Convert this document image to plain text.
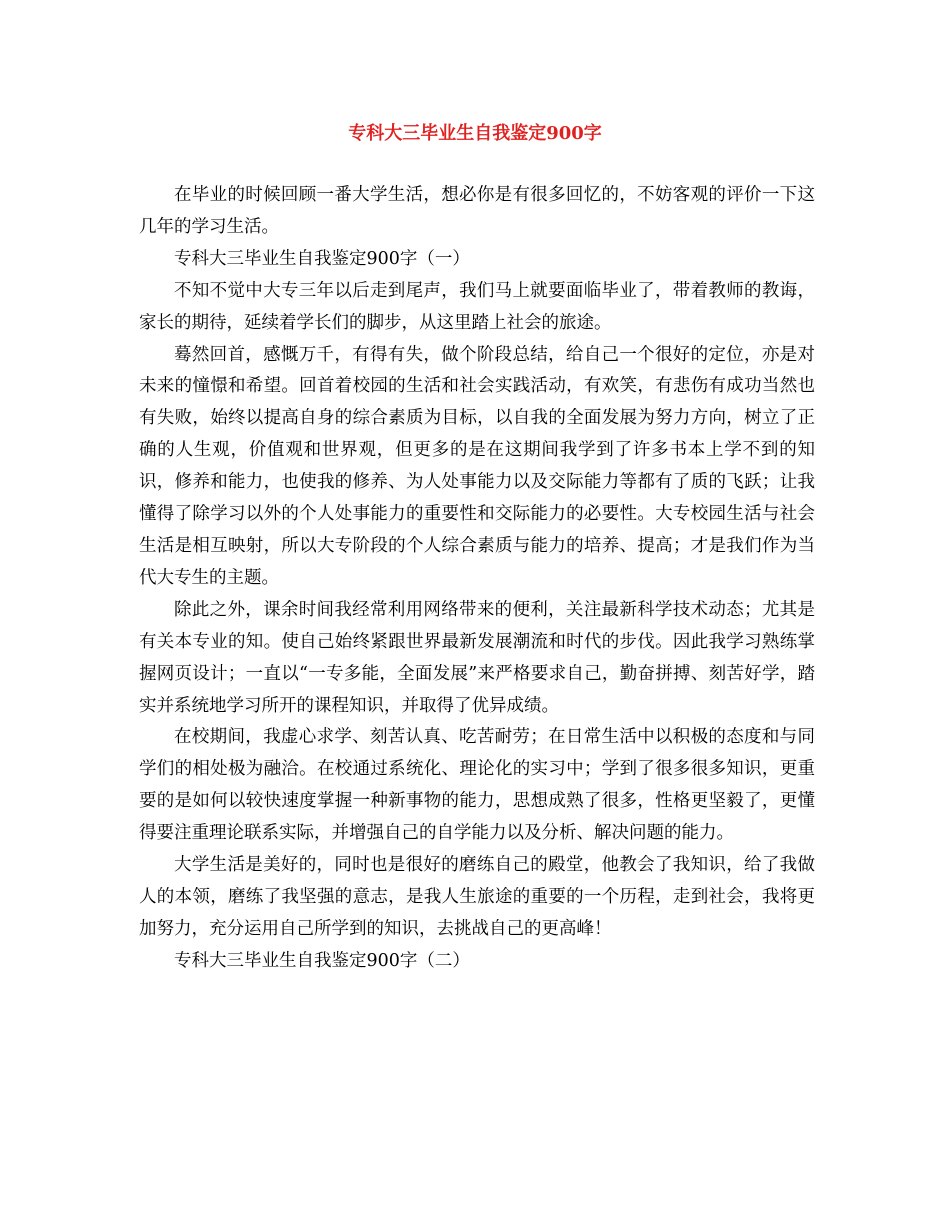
专科大三毕业生自我鉴定900字

在毕业的时候回顾一番大学生活，想必你是有很多回忆的，不妨客观的评价一下这几年的学习生活。

专科大三毕业生自我鉴定900字（一）

不知不觉中大专三年以后走到尾声，我们马上就要面临毕业了，带着教师的教诲，家长的期待，延续着学长们的脚步，从这里踏上社会的旅途。

蓦然回首，感慨万千，有得有失，做个阶段总结，给自己一个很好的定位，亦是对未来的憧憬和希望。回首着校园的生活和社会实践活动，有欢笑，有悲伤有成功当然也有失败，始终以提高自身的综合素质为目标，以自我的全面发展为努力方向，树立了正确的人生观，价值观和世界观，但更多的是在这期间我学到了许多书本上学不到的知识，修养和能力，也使我的修养、为人处事能力以及交际能力等都有了质的飞跃；让我懂得了除学习以外的个人处事能力的重要性和交际能力的必要性。大专校园生活与社会生活是相互映射，所以大专阶段的个人综合素质与能力的培养、提高；才是我们作为当代大专生的主题。

除此之外，课余时间我经常利用网络带来的便利，关注最新科学技术动态；尤其是有关本专业的知。使自己始终紧跟世界最新发展潮流和时代的步伐。因此我学习熟练掌握网页设计；一直以“一专多能，全面发展”来严格要求自己，勤奋拼搏、刻苦好学，踏实并系统地学习所开的课程知识，并取得了优异成绩。

在校期间，我虚心求学、刻苦认真、吃苦耐劳；在日常生活中以积极的态度和与同学们的相处极为融洽。在校通过系统化、理论化的实习中；学到了很多很多知识，更重要的是如何以较快速度掌握一种新事物的能力，思想成熟了很多，性格更坚毅了，更懂得要注重理论联系实际，并增强自己的自学能力以及分析、解决问题的能力。

大学生活是美好的，同时也是很好的磨练自己的殿堂，他教会了我知识，给了我做人的本领，磨练了我坚强的意志，是我人生旅途的重要的一个历程，走到社会，我将更加努力，充分运用自己所学到的知识，去挑战自己的更高峰！

专科大三毕业生自我鉴定900字（二）
